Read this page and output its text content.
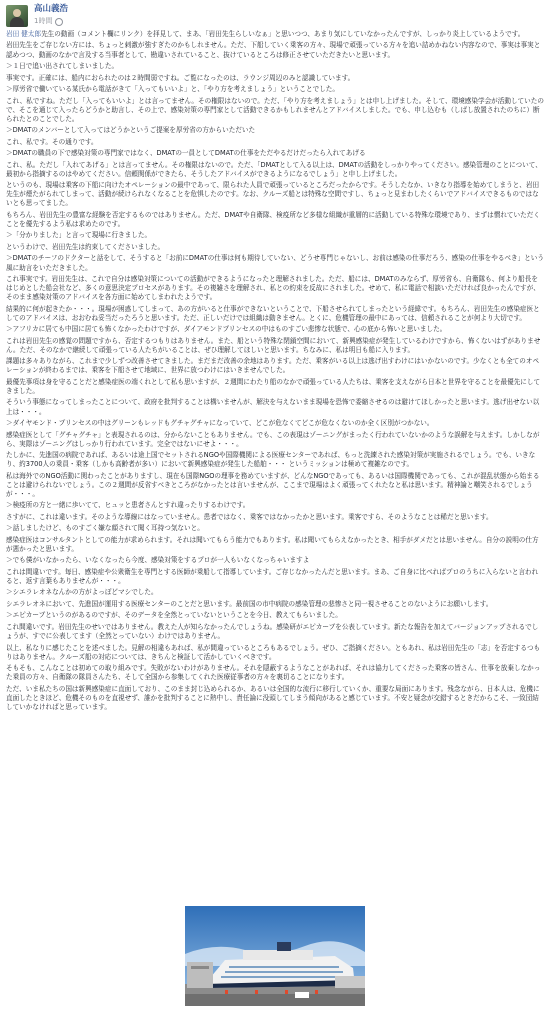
高山義浩
1時間

岩田 健太郎先生の動画（コメント欄にリンク）を拝見して、まあ、「岩田先生らしいなぁ」と思いつつ、あまり気にしていなかったんですが、しっかり炎上しているようです。

岩田先生をご存じない方には、ちょっと刺激が強すぎたのかもしれません。ただ、下船していく乗客の方々、現場で頑張っている方々を追い詰めかねない内容なので、事実は事実と認めつつ、動画のなかで言及する当事者として、勘違いされていること、抜けているところは修正させていただきたいと思います。

＞１日で追い出されてしまいました。

事実です。正確には、船内におられたのは２時間弱ですね。ご覧になったのは、ラウンジ周辺のみと認識しています。

＞厚労省で働いている某氏から電話がきて「入ってもいいよ」と、「やり方を考えましょう」ということでした。

これ、私ですね。ただし「入ってもいいよ」とは言ってません。その権限はないので。ただ、「やり方を考えましょう」とは申し上げました。そして、環境感染学会が活動していたので、そこを通じて入ったらどうかと助言し、その上で、感染対策の専門家として活動できるかもしれませんとアドバイスしました。でも、申し込むも（しばし放置されたのちに）断られたとのことでした。

＞DMATのメンバーとして入ってはどうかというご提案を厚労省の方からいただいた

これ、私です。その通りです。

＞DMATの職員の下で感染対策の専門家ではなく、DMATの一員としてDMATの仕事をただやるだけだったら入れてあげる

これ、私。ただし「入れてあげる」とは言ってません。その権限はないので。ただ、「DMATとして入る以上は、DMATの活動をしっかりやってください。感染管理のことについて、最初から指摘するのはやめてください。信頼関係ができたら、そうしたアドバイスができるようになるでしょう」と申し上げました。

というのも、現場は乗客の下船に向けたオペレーションの最中であって、限られた人員で頑張っているところだったからです。そうしたなか、いきなり指導を始めてしまうと、岩田先生が煙たがられてしまって、活動が続けられなくなることを危惧したのです。なお、クルーズ船とは特殊な空間ですし、ちょっと見まわしたくらいでアドバイスできるものではないとも思ってました。

もちろん、岩田先生の豊富な経験を否定するものではありません。ただ、DMATや自衛隊、検疫所など多様な組織が重層的に活動している特殊な環境であり、まずは慣れていただくことを優先するよう私は求めたのです。

＞「分かりました」と言って現場に行きました。

というわけで、岩田先生は約束してくださいました。

＞DMATのチーフのドクターと話をして、そうすると「お前にDMATの仕事は何も期待していない、どうせ専門じゃないし、お前は感染の仕事だろう、感染の仕事をやるべき」という風に助言をいただきました。

これ事実です。岩田先生は、これで自分は感染対策についての活動ができるようになったと理解されました。ただ、船には、DMATのみならず、厚労省も、自衛隊も、何より船長をはじめとした船会社など、多くの意思決定プロセスがあります。その複雑さを理解され、私との約束を反故にされました。せめて、私に電話で相談いただければ良かったんですが、そのまま感染対策のアドバイスを各方面に始めてしまわれたようです。

結果的に何が起きたか・・・。現場が困惑してしまって、あの方がいると仕事ができないということで、下船させられてしまったという経緯です。もちろん、岩田先生の感染症医としてのアドバイスは、おおむね妥当だったろうと思います。ただ、正しいだけでは組織は動きません。とくに、危機管理の最中にあっては、信頼されることが何より大切です。

＞アフリカに居ても中国に居ても怖くなかったわけですが、ダイアモンドプリンセスの中はものすごい悲惨な状態で、心の底から怖いと思いました。

これは岩田先生の感覚の問題ですから、否定するつもりはありません。また、船という特殊な閉鎖空間において、新興感染症が発生しているわけですから、怖くないはずがありません。ただ、そのなかで継続して頑張っている人たちがいることは、ぜひ理解してほしいと思います。ちなみに、私は明日も船に入ります。

課題は多々ありながら、これまで少しずつ改善させてきました。まだまだ改善の余地はあります。ただ、乗客がいる以上は逃げ出すわけにはいかないのです。少なくとも全てのオペレーションが終わるまでは、乗客を下船させて地域に、世界に放つわけにはいきませんでした。

最優先事項は身を守ることだと感染症医の端くれとして私も思いますが、２週間にわたり船のなかで頑張っている人たちは、乗客を支えながら日本と世界を守ることを最優先にしてきました。

そういう事態になってしまったことについて、政府を批判することは構いませんが、解決を与えないまま現場を恐怖で委縮させるのは避けてほしかったと思います。逃げ出せない以上は・・・。

＞ダイヤモンド・プリンセスの中はグリーンもレッドもグチャグチャになっていて、どこが危なくてどこが危なくないのか全く区別がつかない。

感染症医として「グチャグチャ」と表現されるのは、分からないこともありません。でも、この表現はゾーニングがまったく行われていないかのような誤解を与えます。しかしながら、実際はゾーニングはしっかり行われています。完全ではないにせよ・・・。

たしかに、先進国の病院であれば、あるいは途上国でセットされるNGOや国際機関による医療センターであれば、もっと洗練された感染対策が実施されるでしょう。でも、いきなり、約3700人の乗員・乗客（しかも高齢者が多い）において新興感染症が発生した船舶・・・ というミッションは極めて複雑なのです。

私は海外でのNGO活動に関わったことがありますし、現在も国際NGOの理事を務めていますが、どんなNGOであっても、あるいは国際機関であっても、これが混乱状態から始まることは避けられないでしょう。この２週間が反省すべきところがなかったとは言いませんが、ここまで現場はよく頑張ってくれたなと私は思います。精神論と嘲笑されるでしょうが・・・。

＞検疫所の方と一緒に歩いてて、ヒュッと患者さんとすれ違ったりするわけです。

さすがに、これは違います。そのような導線にはなっていません。患者ではなく、乗客ではなかったかと思います。乗客ですら、そのようなことは稀だと思います。

＞話しましたけど、ものすごく嫌な顔されて聞く耳持つ気ないと。

感染症医はコンサルタントとしての能力が求められます。それは聞いてもらう能力でもあります。私は聞いてもらえなかったとき、相手がダメだとは思いません。自分の説明の仕方が悪かったと思います。

＞でも僕がいなかったら、いなくなったら今度、感染対策をするプロが一人もいなくなっちゃいますよ

これは間違いです。毎日、感染症や公衆衛生を専門とする医師が乗船して指導しています。ご存じなかったんだと思います。まあ、ご自身に比べればプロのうちに入らないと言われると、返す言葉もありませんが・・・。

＞シエラレオネなんかの方がよっぽどマシでした。

シエラレオネにおいて、先進国が運用する医療センターのことだと思います。最前国の市中病院の感染管理の悲惨さと同一視させることのないようにお願いします。

＞エピカーブというのがあるのですが、そのデータを全然とっていないということを今日、教えてもらいました。

これ間違いです。岩田先生のせいではありません。教えた人が知らなかったんでしょうね。感染研がエピカーブを公表しています。新たな報告を加えてバージョンアップされるでしょうが、すでに公表してます（全然とっていない）わけではありません。

以上、私なりに感じたことを述べました。見解の相違もあれば、私が間違っているところもあるでしょう。ぜひ、ご指摘ください。ともあれ、私は岩田先生の「志」を否定するつもりはありません。クルーズ船の対応については、きちんと検証して活かしていくべきです。

そもそも、こんなことは初めての取り組みです。失敗がないわけがありません。それを隠蔽するようなことがあれば、それは協力してくださった乗客の皆さん、仕事を放棄しなかった乗員の方々、自衛隊の隊員さんたち、そして全国から参集してくれた医療従事者の方々を裏切ることになります。

ただ、いま私たちの国は新興感染症に直面しており、このまま封じ込められるか、あるいは全国的な流行に移行していくか、重要な局面にあります。残念ながら、日本人は、危機に直面したときほど、危機そのものを直視せず、誰かを批判することに熱中し、責任論に没頭してしまう傾向があると感じています。不安と疑念が交錯するときだからこそ、一致団結していかなければと思っています。
